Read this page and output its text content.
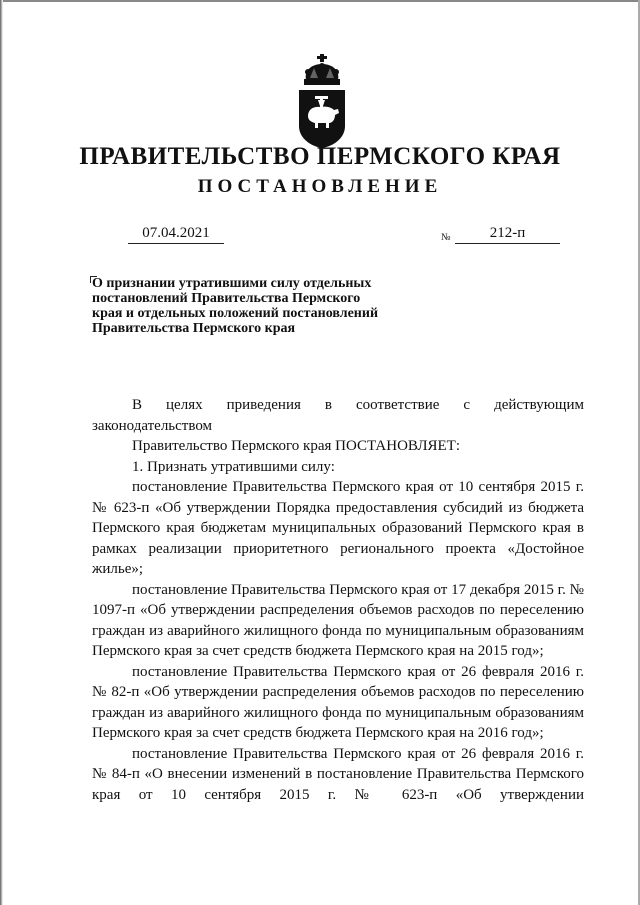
ПРАВИТЕЛЬСТВО ПЕРМСКОГО КРАЯ
ПОСТАНОВЛЕНИЕ
07.04.2021	№	212-п
О признании утратившими силу отдельных
постановлений Правительства Пермского
края и отдельных положений постановлений
Правительства Пермского края
В целях приведения в соответствие с действующим
законодательством
Правительство Пермского края ПОСТАНОВЛЯЕТ:
1. Признать утратившими силу:
постановление Правительства Пермского края от 10 сентября 2015 г. № 623-п «Об утверждении Порядка предоставления субсидий из бюджета Пермского края бюджетам муниципальных образований Пермского края в рамках реализации приоритетного регионального проекта «Достойное жилье»;
постановление Правительства Пермского края от 17 декабря 2015 г. № 1097-п «Об утверждении распределения объемов расходов по переселению граждан из аварийного жилищного фонда по муниципальным образованиям Пермского края за счет средств бюджета Пермского края на 2015 год»;
постановление Правительства Пермского края от 26 февраля 2016 г. № 82-п «Об утверждении распределения объемов расходов по переселению граждан из аварийного жилищного фонда по муниципальным образованиям Пермского края за счет средств бюджета Пермского края на 2016 год»;
постановление Правительства Пермского края от 26 февраля 2016 г. № 84-п «О внесении изменений в постановление Правительства Пермского края от 10 сентября 2015 г. № 623-п «Об утверждении
